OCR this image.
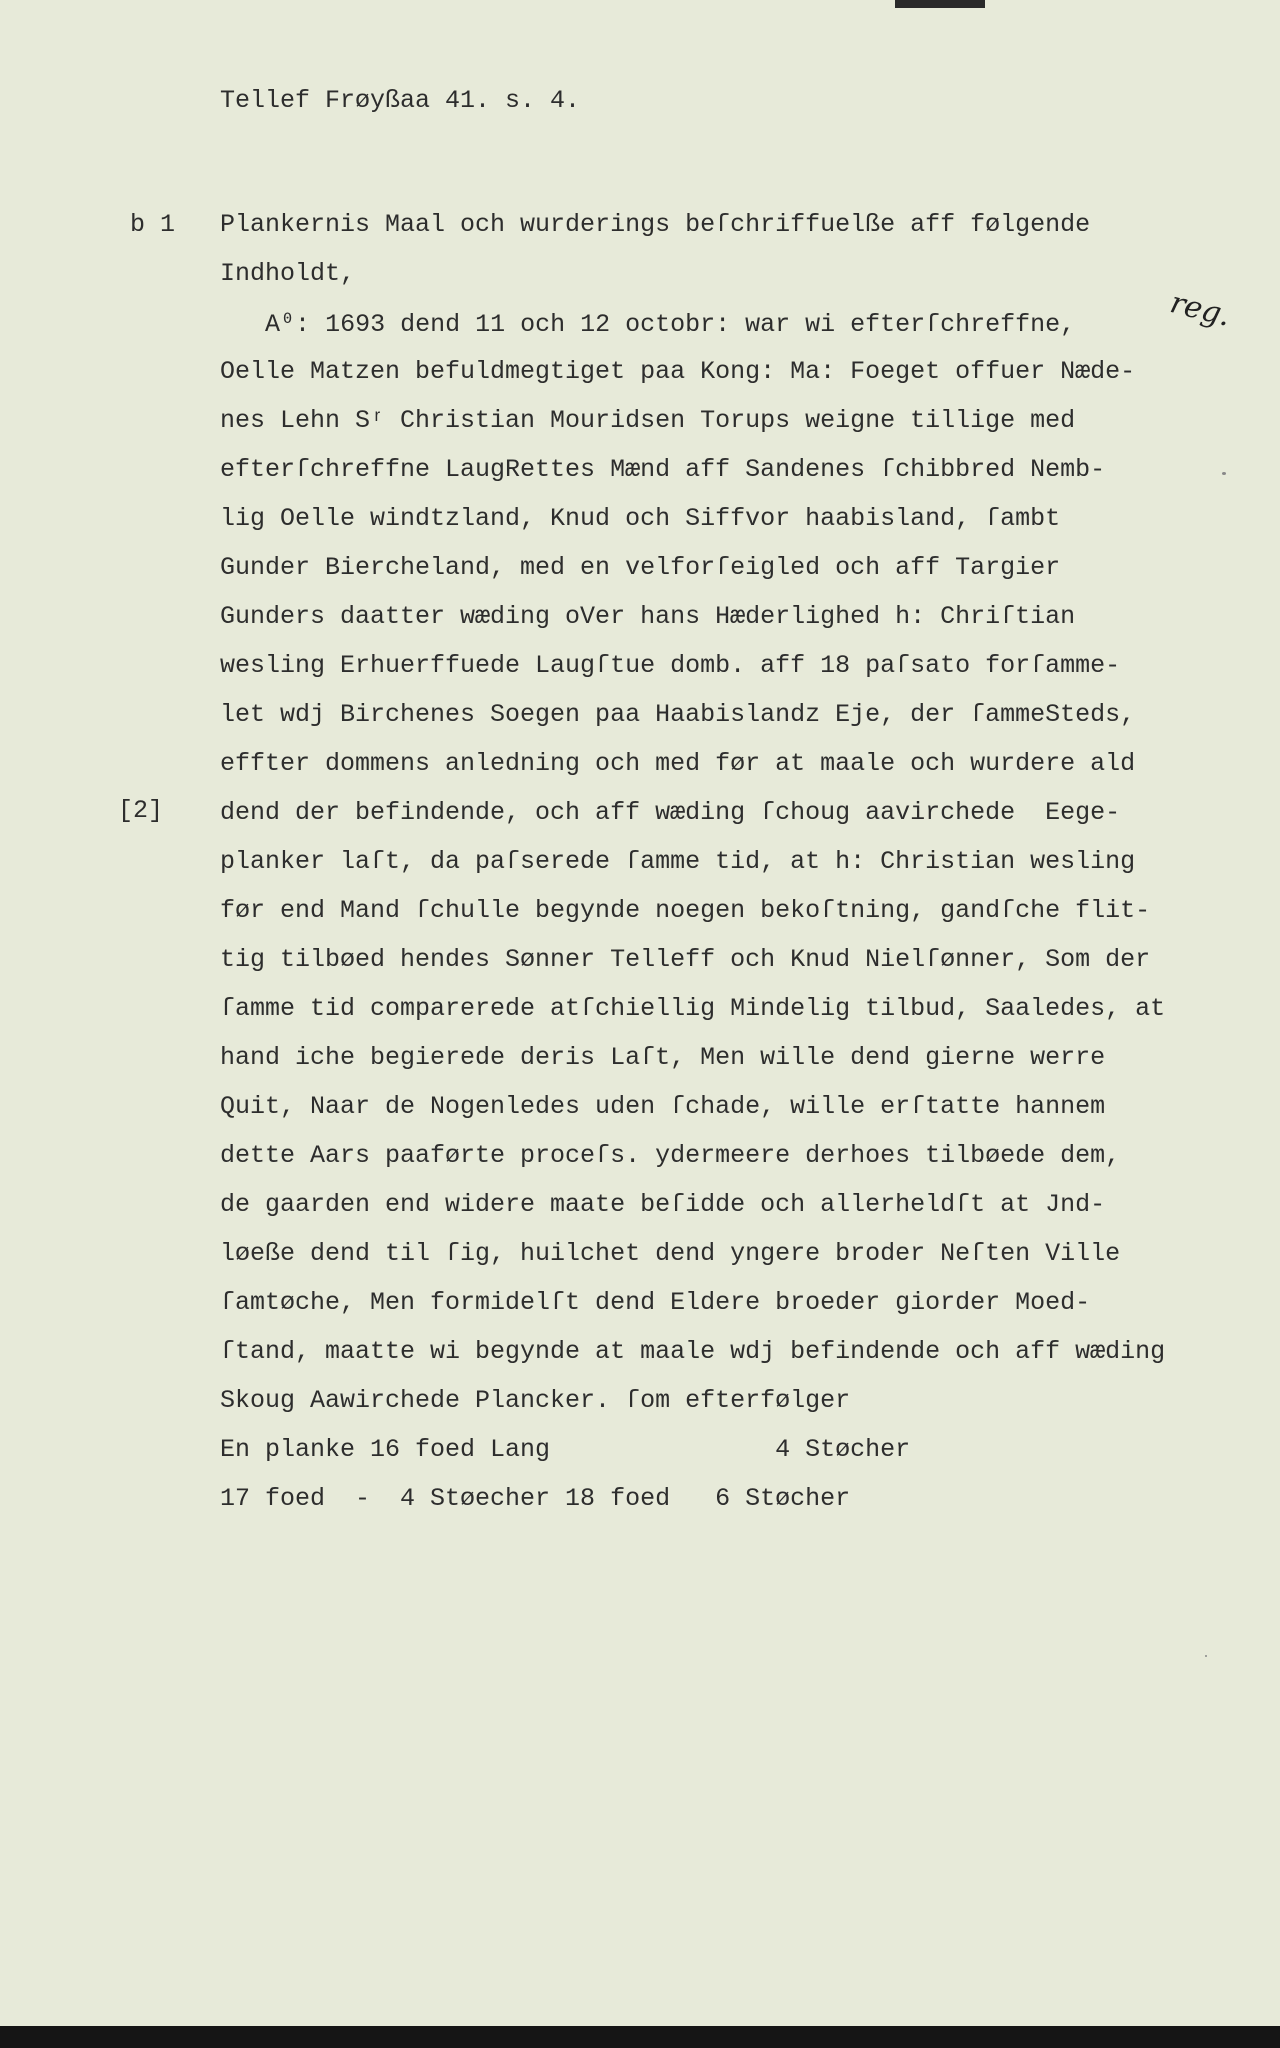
Tellef Frøyßaa 41. s. 4.
b 1
[2]
reg.
Plankernis Maal och wurderings beſchriffuelße aff følgende
Indholdt,
A⁰: 1693 dend 11 och 12 octobr: war wi efterſchreffne,
Oelle Matzen befuldmegtiget paa Kong: Ma: Foeget offuer Næde-
nes Lehn Sʳ Christian Mouridsen Torups weigne tillige med
efterſchreffne LaugRettes Mænd aff Sandenes ſchibbred Nemb-
lig Oelle windtzland, Knud och Siffvor haabisland, ſambt
Gunder Biercheland, med en velforſeigled och aff Targier
Gunders daatter wæding oVer hans Hæderlighed h: Chriſtian
wesling Erhuerffuede Laugſtue domb. aff 18 paſsato forſamme-
let wdj Birchenes Soegen paa Haabislandz Eje, der ſammeSteds,
effter dommens anledning och med før at maale och wurdere ald
dend der befindende, och aff wæding ſchoug aavirchede  Eege-
planker laſt, da paſserede ſamme tid, at h: Christian wesling
før end Mand ſchulle begynde noegen bekoſtning, gandſche flit-
tig tilbøed hendes Sønner Telleff och Knud Nielſønner, Som der
ſamme tid comparerede atſchiellig Mindelig tilbud, Saaledes, at
hand iche begierede deris Laſt, Men wille dend gierne werre
Quit, Naar de Nogenledes uden ſchade, wille erſtatte hannem
dette Aars paaførte proceſs. ydermeere derhoes tilbøede dem,
de gaarden end widere maate beſidde och allerheldſt at Jnd-
løeße dend til ſig, huilchet dend yngere broder Neſten Ville
ſamtøche, Men formidelſt dend Eldere broeder giorder Moed-
ſtand, maatte wi begynde at maale wdj befindende och aff wæding
Skoug Aawirchede Plancker. ſom efterfølger
En planke 16 foed Lang               4 Støcher
17 foed  -  4 Støecher 18 foed   6 Støcher
